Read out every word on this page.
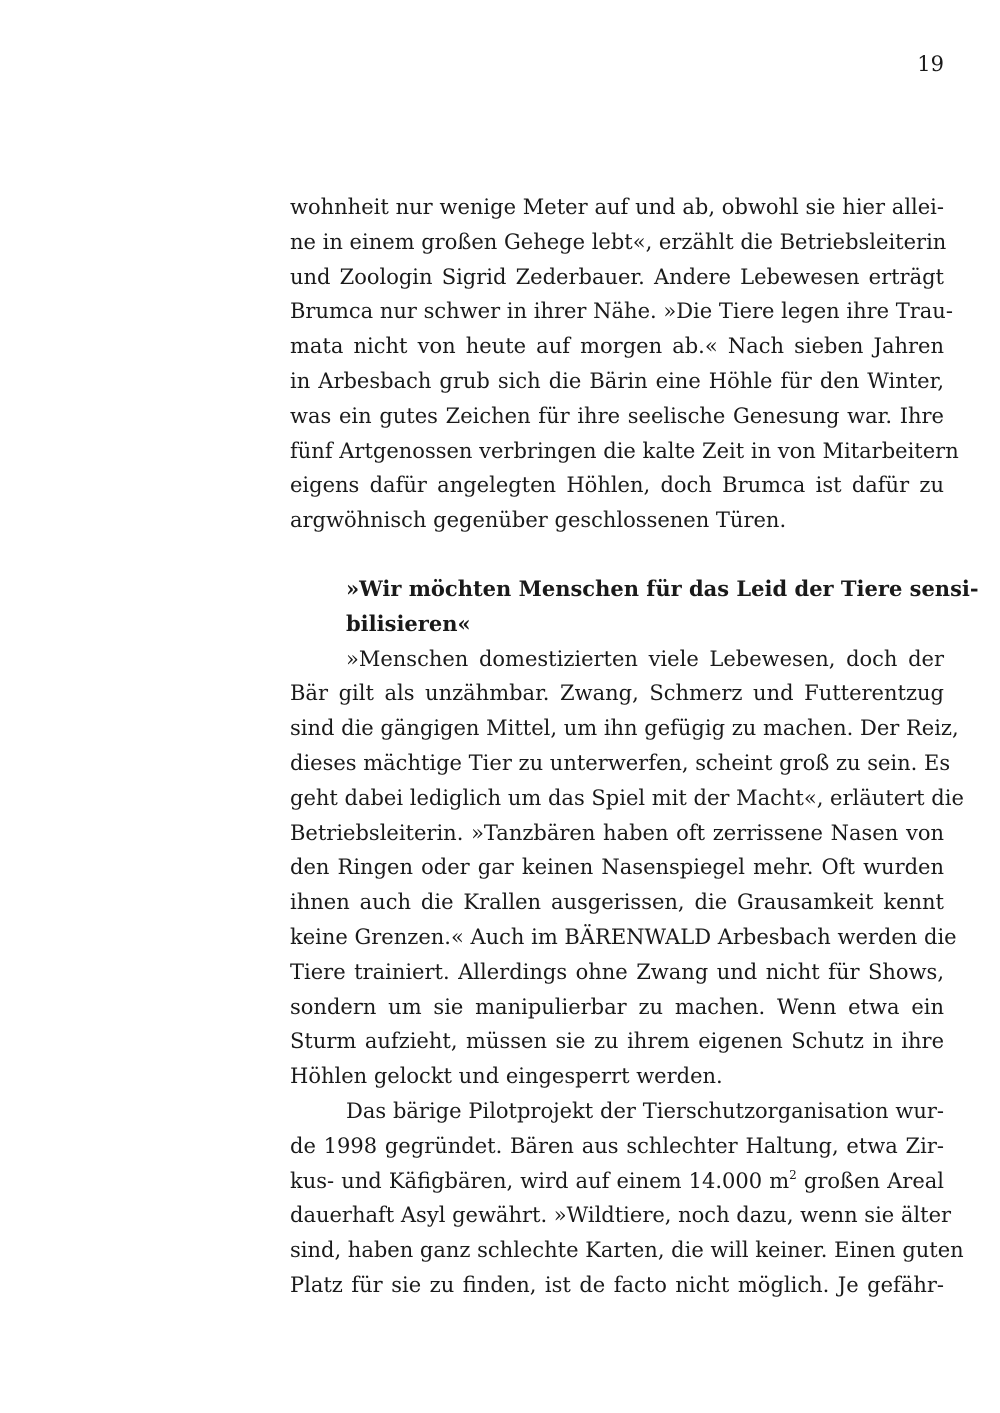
19
wohnheit nur wenige Meter auf und ab, obwohl sie hier allei-
ne in einem großen Gehege lebt«, erzählt die Betriebsleiterin
und Zoologin Sigrid Zederbauer. Andere Lebewesen erträgt
Brumca nur schwer in ihrer Nähe. »Die Tiere legen ihre Trau-
mata nicht von heute auf morgen ab.« Nach sieben Jahren
in Arbesbach grub sich die Bärin eine Höhle für den Winter,
was ein gutes Zeichen für ihre seelische Genesung war. Ihre
fünf Artgenossen verbringen die kalte Zeit in von Mitarbeitern
eigens dafür angelegten Höhlen, doch Brumca ist dafür zu
argwöhnisch gegenüber geschlossenen Türen.
»Wir möchten Menschen für das Leid der Tiere sensi-
bilisieren«
»Menschen domestizierten viele Lebewesen, doch der
Bär gilt als unzähmbar. Zwang, Schmerz und Futterentzug
sind die gängigen Mittel, um ihn gefügig zu machen. Der Reiz,
dieses mächtige Tier zu unterwerfen, scheint groß zu sein. Es
geht dabei lediglich um das Spiel mit der Macht«, erläutert die
Betriebsleiterin. »Tanzbären haben oft zerrissene Nasen von
den Ringen oder gar keinen Nasenspiegel mehr. Oft wurden
ihnen auch die Krallen ausgerissen, die Grausamkeit kennt
keine Grenzen.« Auch im BÄRENWALD Arbesbach werden die
Tiere trainiert. Allerdings ohne Zwang und nicht für Shows,
sondern um sie manipulierbar zu machen. Wenn etwa ein
Sturm aufzieht, müssen sie zu ihrem eigenen Schutz in ihre
Höhlen gelockt und eingesperrt werden.
Das bärige Pilotprojekt der Tierschutzorganisation wur-
de 1998 gegründet. Bären aus schlechter Haltung, etwa Zir-
kus- und Käfigbären, wird auf einem 14.000 $m^2$ großen Areal
dauerhaft Asyl gewährt. »Wildtiere, noch dazu, wenn sie älter
sind, haben ganz schlechte Karten, die will keiner. Einen guten
Platz für sie zu finden, ist de facto nicht möglich. Je gefähr-
